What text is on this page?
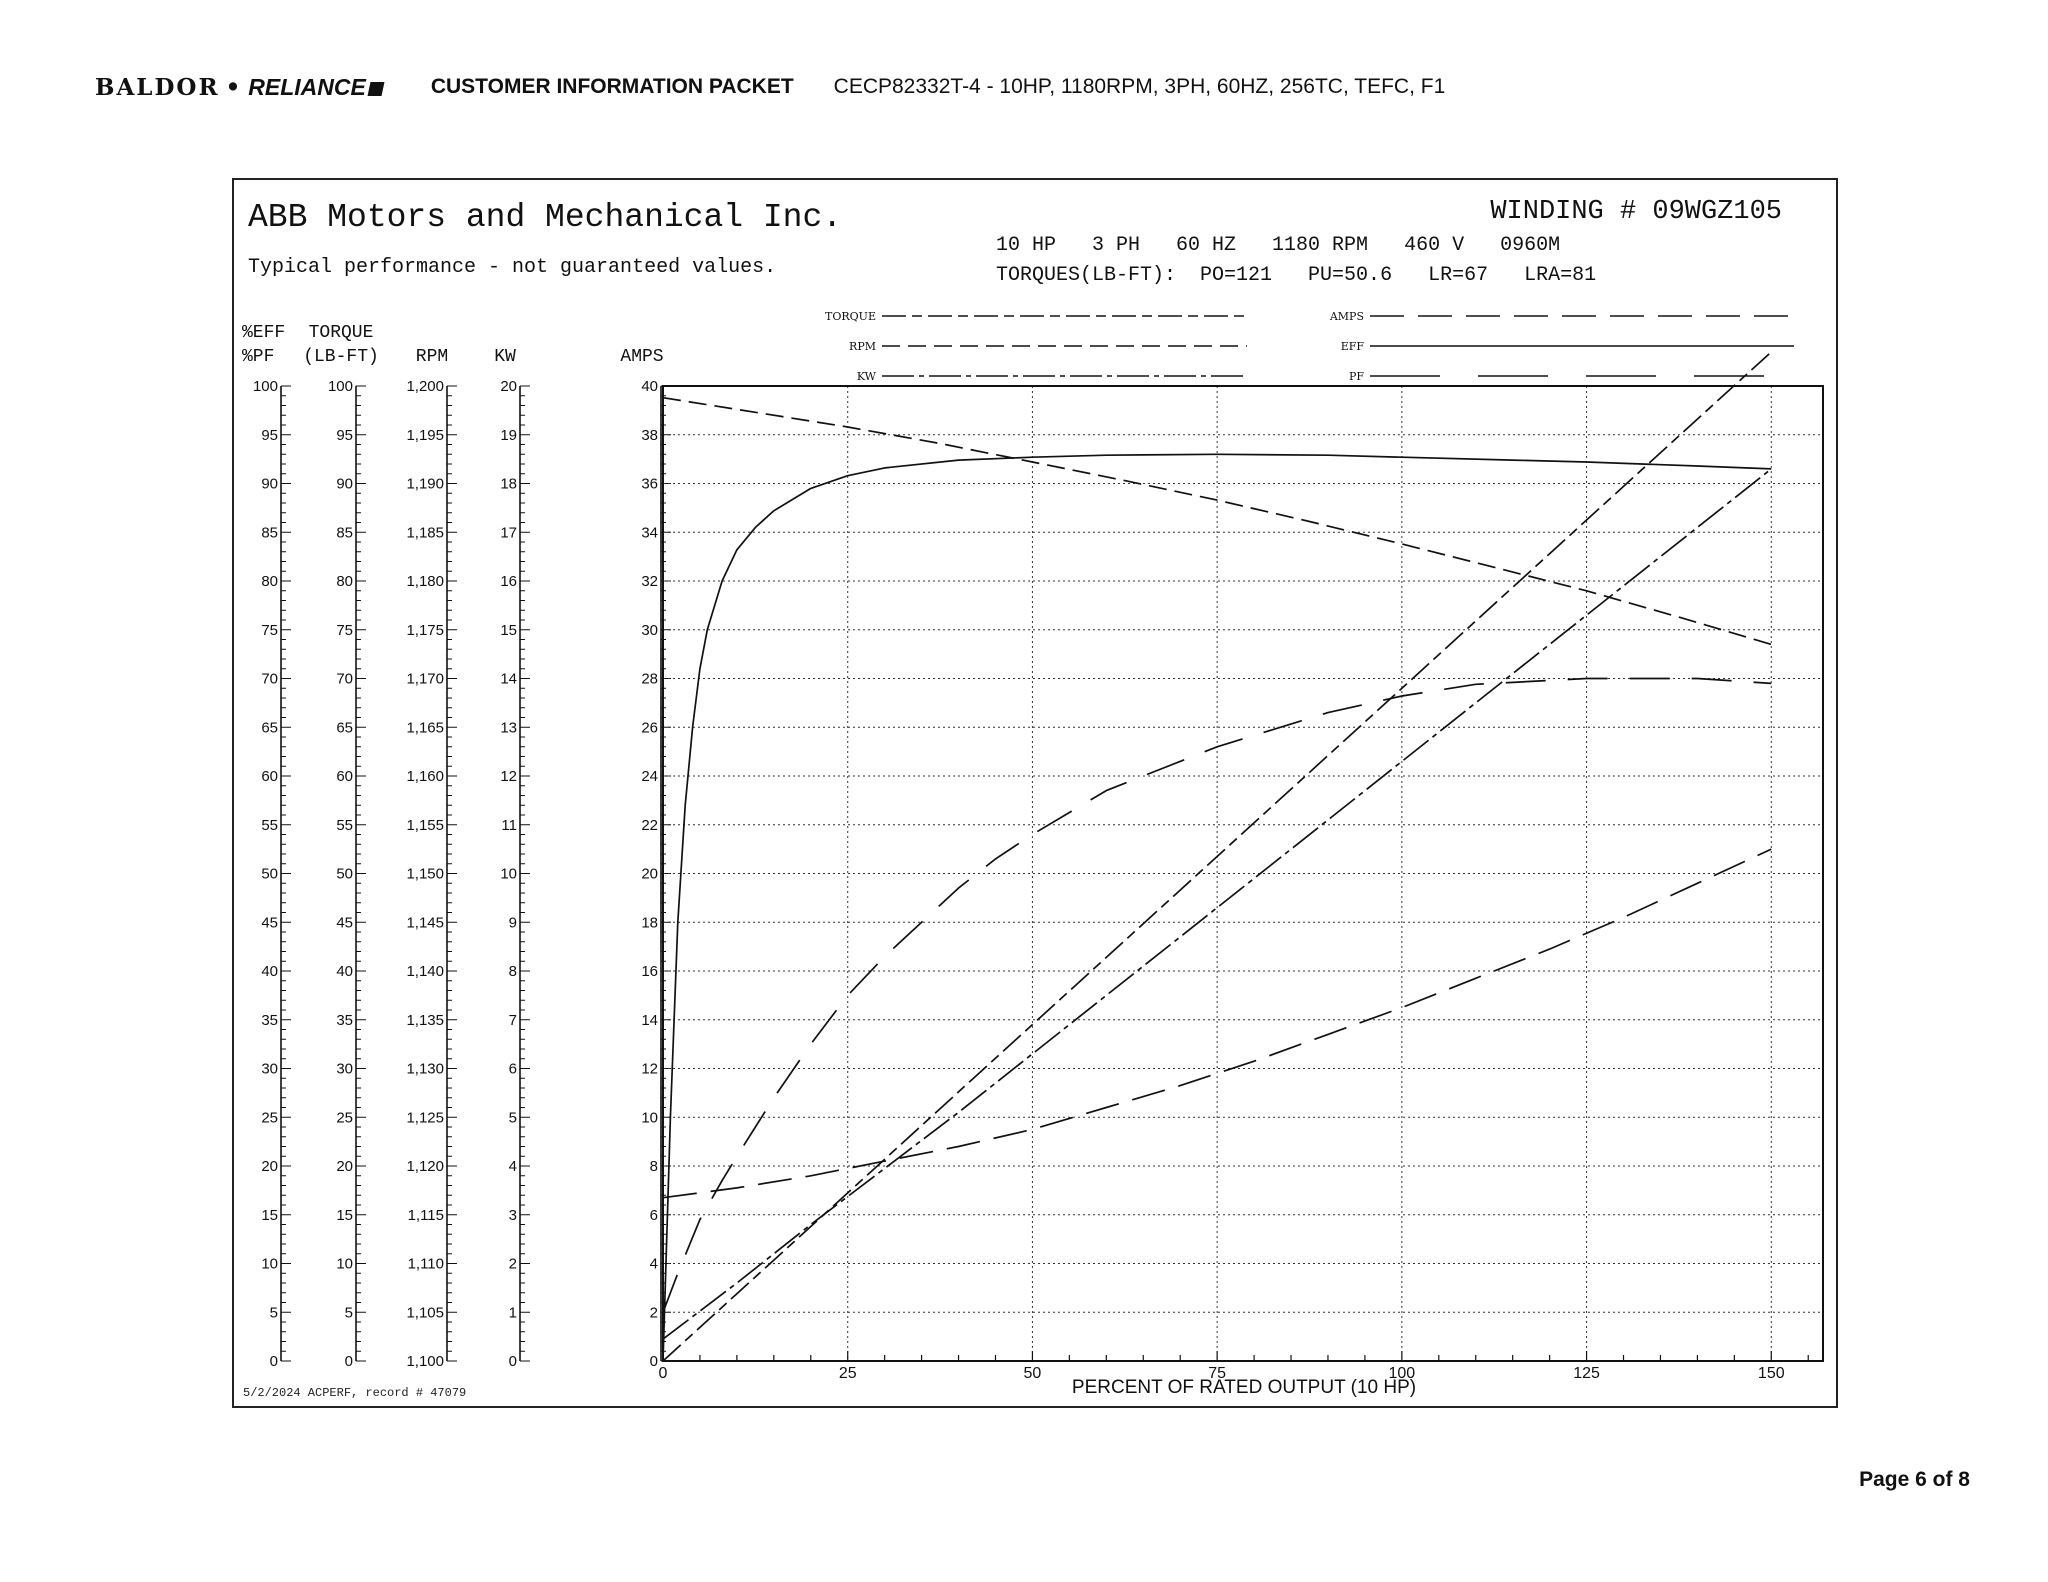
BALDOR • RELIANCE	CUSTOMER INFORMATION PACKET CECP82332T-4 - 10HP, 1180RPM, 3PH, 60HZ, 256TC, TEFC, F1
ABB Motors and Mechanical Inc.
Typical performance - not guaranteed values.
WINDING # 09WGZ105
10 HP   3 PH   60 HZ   1180 RPM   460 V   0960M
TORQUES(LB-FT):  PO=121   PU=50.6   LR=67   LRA=81
5/2/2024 ACPERF, record # 47079	PERCENT OF RATED OUTPUT (10 HP)
TORQUE
RPM
KW
AMPS
EFF
PF
0
5
10
15
20
25
30
35
40
45
50
55
60
65
70
75
80
85
90
95
100
%EFF
%PF
0
5
10
15
20
25
30
35
40
45
50
55
60
65
70
75
80
85
90
95
100
TORQUE
(LB-FT)
1,100
1,105
1,110
1,115
1,120
1,125
1,130
1,135
1,140
1,145
1,150
1,155
1,160
1,165
1,170
1,175
1,180
1,185
1,190
1,195
1,200
RPM
0
1
2
3
4
5
6
7
8
9
10
11
12
13
14
15
16
17
18
19
20
KW
0
2
4
6
8
10
12
14
16
18
20
22
24
26
28
30
32
34
36
38
40
AMPS
0	25	50	75	100	125	150
Page 6 of 8
